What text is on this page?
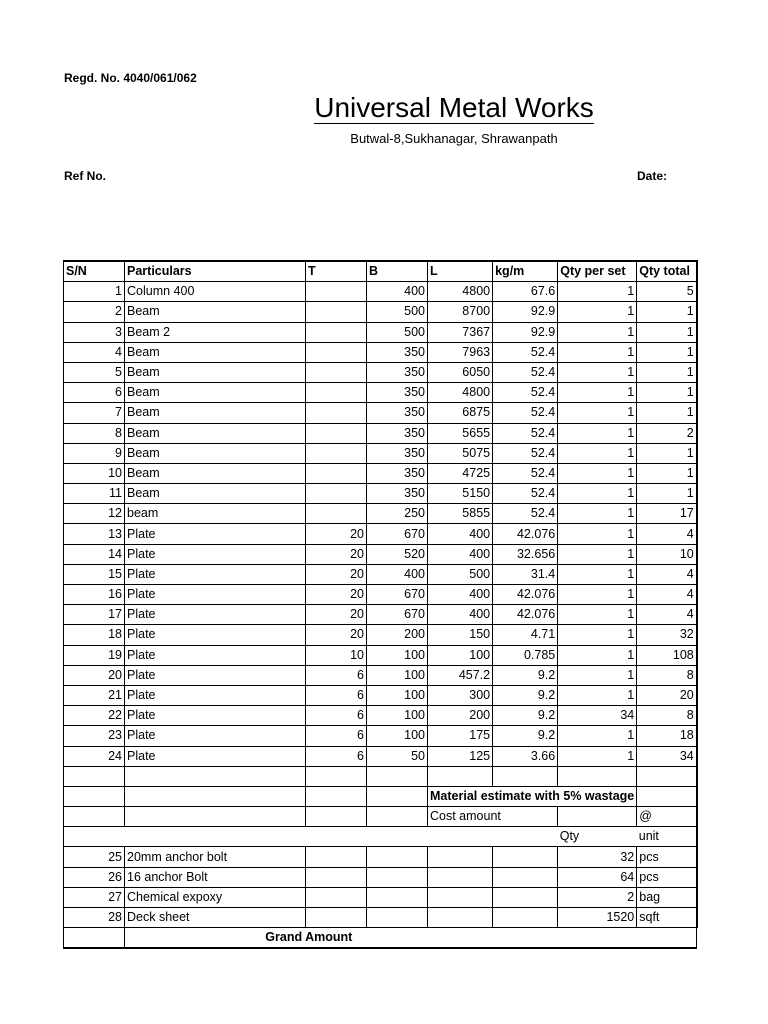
Regd. No. 4040/061/062
Universal Metal Works
Butwal-8,Sukhanagar, Shrawanpath
Ref No.	Date:
S/N	Particulars	T	B	L	kg/m	Qty per set	Qty total
1	Column 400		400	4800	67.6	1	5
2	Beam		500	8700	92.9	1	1
3	Beam 2		500	7367	92.9	1	1
4	Beam		350	7963	52.4	1	1
5	Beam		350	6050	52.4	1	1
6	Beam		350	4800	52.4	1	1
7	Beam		350	6875	52.4	1	1
8	Beam		350	5655	52.4	1	2
9	Beam		350	5075	52.4	1	1
10	Beam		350	4725	52.4	1	1
11	Beam		350	5150	52.4	1	1
12	beam		250	5855	52.4	1	17
13	Plate	20	670	400	42.076	1	4
14	Plate	20	520	400	32.656	1	10
15	Plate	20	400	500	31.4	1	4
16	Plate	20	670	400	42.076	1	4
17	Plate	20	670	400	42.076	1	4
18	Plate	20	200	150	4.71	1	32
19	Plate	10	100	100	0.785	1	108
20	Plate	6	100	457.2	9.2	1	8
21	Plate	6	100	300	9.2	1	20
22	Plate	6	100	200	9.2	34	8
23	Plate	6	100	175	9.2	1	18
24	Plate	6	50	125	3.66	1	34

				Material estimate with 5% wastage			
				Cost amount			@
						Qty	unit
25	20mm anchor bolt					32	pcs
26	16 anchor Bolt					64	pcs
27	Chemical expoxy					2	bag
28	Deck sheet					1520	sqft
	Grand Amount						
